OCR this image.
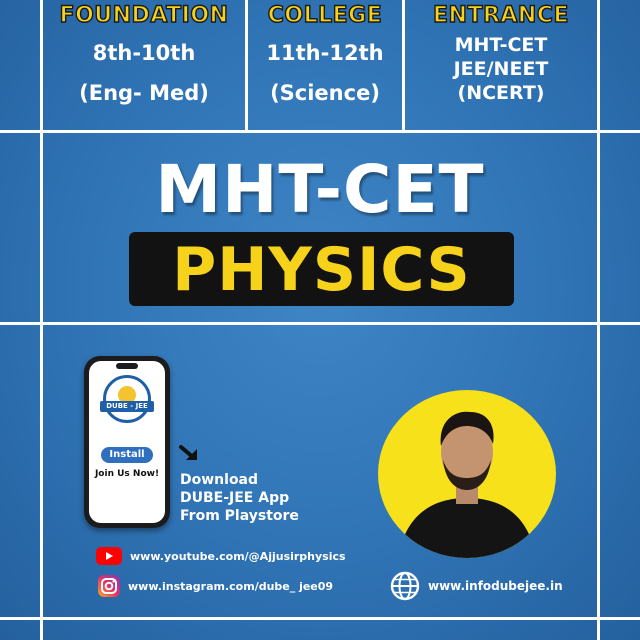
FOUNDATION
8th-10th
(Eng- Med)
COLLEGE
11th-12th
(Science)
ENTRANCE
MHT-CET
JEE/NEET
(NCERT)
MHT-CET
PHYSICS
DUBE - JEE
Install
Join Us Now!	Download
DUBE-JEE App
From Playstore
www.youtube.com/@Ajjusirphysics
www.instagram.com/dube_ jee09	www.infodubejee.in
